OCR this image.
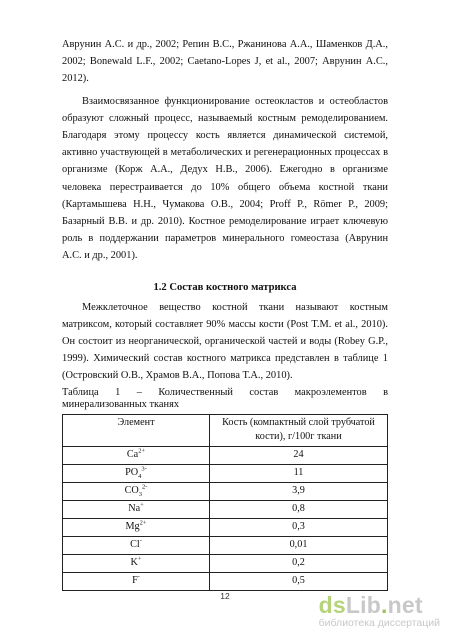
Аврунин А.С. и др., 2002; Репин В.С., Ржанинова А.А., Шаменков Д.А., 2002; Bonewald L.F., 2002; Caetano-Lopes J, et al., 2007; Аврунин А.С., 2012).

Взаимосвязанное функционирование остеокластов и остеобластов образуют сложный процесс, называемый костным ремоделированием. Благодаря этому процессу кость является динамической системой, активно участвующей в метаболических и регенерационных процессах в организме (Корж А.А., Дедух Н.В., 2006). Ежегодно в организме человека перестраивается до 10% общего объема костной ткани (Картамышева Н.Н., Чумакова О.В., 2004; Proff P., Römer P., 2009; Базарный В.В. и др. 2010). Костное ремоделирование играет ключевую роль в поддержании параметров минерального гомеостаза (Аврунин А.С. и др., 2001).

1.2 Состав костного матрикса

Межклеточное вещество костной ткани называют костным матриксом, который составляет 90% массы кости (Post T.M. et al., 2010). Он состоит из неорганической, органической частей и воды (Robey G.P., 1999). Химический состав костного матрикса представлен в таблице 1 (Островский О.В., Храмов В.А., Попова Т.А., 2010).

Таблица 1 – Количественный состав макроэлементов в минерализованных тканях
Элемент	Кость (компактный слой трубчатой кости), г/100г ткани
$Ca^{2+}$	24
$PO_4^{3-}$	11
$CO_3^{2-}$	3,9
Na+	0,8
$Mg^{2+}$	0,3
Cl-	0,01
K+	0,2
F-	0,5
12	dsLib.net
библиотека диссертаций
